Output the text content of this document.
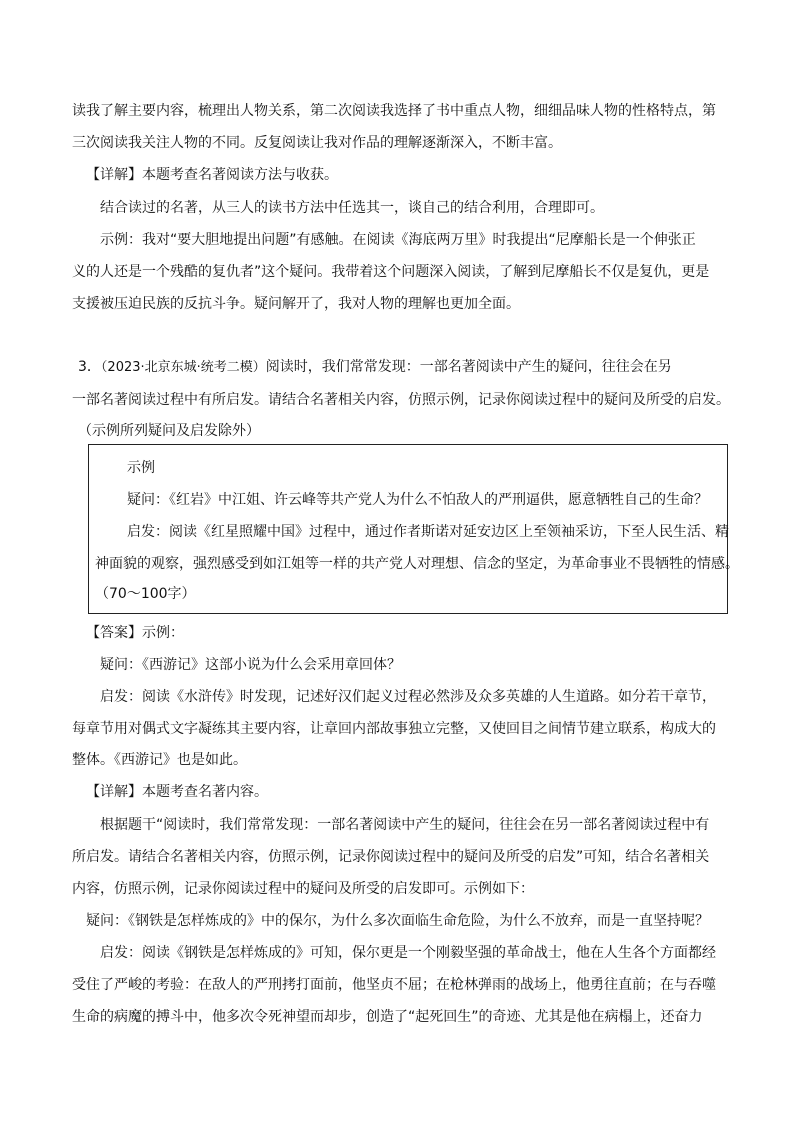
读我了解主要内容，梳理出人物关系，第二次阅读我选择了书中重点人物，细细品味人物的性格特点，第
三次阅读我关注人物的不同。反复阅读让我对作品的理解逐渐深入，不断丰富。
【详解】本题考查名著阅读方法与收获。
结合读过的名著，从三人的读书方法中任选其一，谈自己的结合利用，合理即可。
示例：我对“要大胆地提出问题”有感触。在阅读《海底两万里》时我提出“尼摩船长是一个伸张正
义的人还是一个残酷的复仇者”这个疑问。我带着这个问题深入阅读，了解到尼摩船长不仅是复仇，更是
支援被压迫民族的反抗斗争。疑问解开了，我对人物的理解也更加全面。
3．（2023·北京东城·统考二模）阅读时，我们常常发现：一部名著阅读中产生的疑问，往往会在另
一部名著阅读过程中有所启发。请结合名著相关内容，仿照示例，记录你阅读过程中的疑问及所受的启发。
（示例所列疑问及启发除外）
示例
疑问：《红岩》中江姐、许云峰等共产党人为什么不怕敌人的严刑逼供，愿意牺牲自己的生命？
启发：阅读《红星照耀中国》过程中，通过作者斯诺对延安边区上至领袖采访，下至人民生活、精
神面貌的观察，强烈感受到如江姐等一样的共产党人对理想、信念的坚定，为革命事业不畏牺牲的情感。
（70～100字）
【答案】示例：
疑问：《西游记》这部小说为什么会采用章回体？
启发：阅读《水浒传》时发现，记述好汉们起义过程必然涉及众多英雄的人生道路。如分若干章节，
每章节用对偶式文字凝练其主要内容，让章回内部故事独立完整，又使回目之间情节建立联系，构成大的
整体。《西游记》也是如此。
【详解】本题考查名著内容。
根据题干“阅读时，我们常常发现：一部名著阅读中产生的疑问，往往会在另一部名著阅读过程中有
所启发。请结合名著相关内容，仿照示例，记录你阅读过程中的疑问及所受的启发”可知，结合名著相关
内容，仿照示例，记录你阅读过程中的疑问及所受的启发即可。示例如下：
疑问：《钢铁是怎样炼成的》中的保尔，为什么多次面临生命危险，为什么不放弃，而是一直坚持呢？
启发：阅读《钢铁是怎样炼成的》可知，保尔更是一个刚毅坚强的革命战士，他在人生各个方面都经
受住了严峻的考验：在敌人的严刑拷打面前，他坚贞不屈；在枪林弹雨的战场上，他勇往直前；在与吞噬
生命的病魔的搏斗中，他多次令死神望而却步，创造了“起死回生”的奇迹、尤其是他在病榻上，还奋力
